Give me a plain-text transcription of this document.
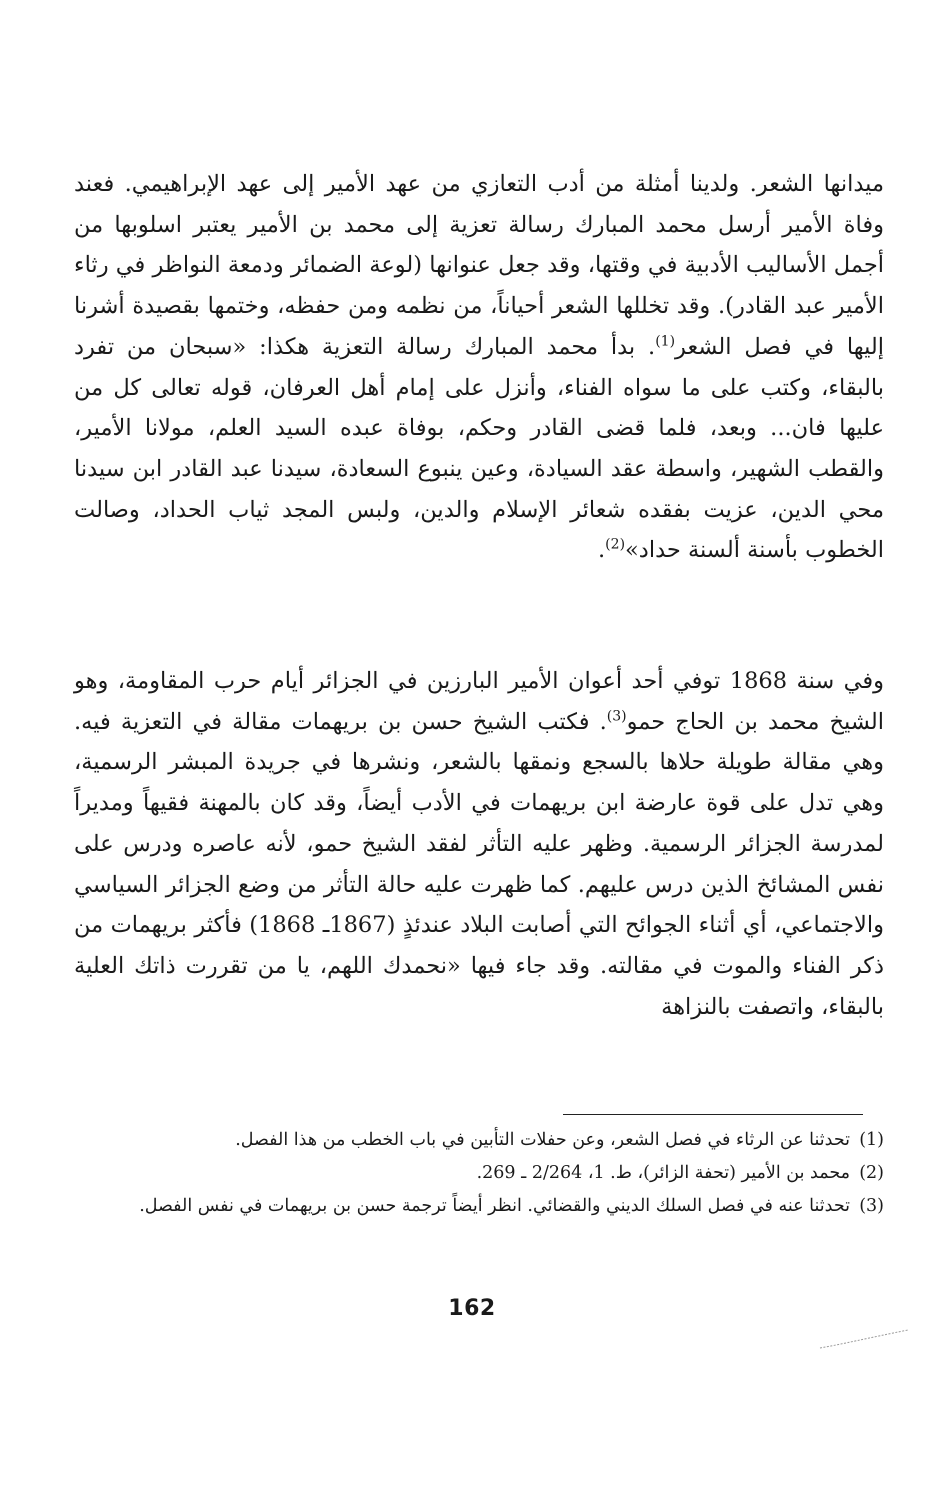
ميدانها الشعر. ولدينا أمثلة من أدب التعازي من عهد الأمير إلى عهد الإبراهيمي. فعند وفاة الأمير أرسل محمد المبارك رسالة تعزية إلى محمد بن الأمير يعتبر اسلوبها من أجمل الأساليب الأدبية في وقتها، وقد جعل عنوانها (لوعة الضمائر ودمعة النواظر في رثاء الأمير عبد القادر). وقد تخللها الشعر أحياناً، من نظمه ومن حفظه، وختمها بقصيدة أشرنا إليها في فصل الشعر$^{(1)}$. بدأ محمد المبارك رسالة التعزية هكذا: «سبحان من تفرد بالبقاء، وكتب على ما سواه الفناء، وأنزل على إمام أهل العرفان، قوله تعالى كل من عليها فان... وبعد، فلما قضى القادر وحكم، بوفاة عبده السيد العلم، مولانا الأمير، والقطب الشهير، واسطة عقد السيادة، وعين ينبوع السعادة، سيدنا عبد القادر ابن سيدنا محي الدين، عزيت بفقده شعائر الإسلام والدين، ولبس المجد ثياب الحداد، وصالت الخطوب بأسنة ألسنة حداد»$^{(2)}$.

وفي سنة 1868 توفي أحد أعوان الأمير البارزين في الجزائر أيام حرب المقاومة، وهو الشيخ محمد بن الحاج حمو$^{(3)}$. فكتب الشيخ حسن بن بريهمات مقالة في التعزية فيه. وهي مقالة طويلة حلاها بالسجع ونمقها بالشعر، ونشرها في جريدة المبشر الرسمية، وهي تدل على قوة عارضة ابن بريهمات في الأدب أيضاً، وقد كان بالمهنة فقيهاً ومديراً لمدرسة الجزائر الرسمية. وظهر عليه التأثر لفقد الشيخ حمو، لأنه عاصره ودرس على نفس المشائخ الذين درس عليهم. كما ظهرت عليه حالة التأثر من وضع الجزائر السياسي والاجتماعي، أي أثناء الجوائح التي أصابت البلاد عندئذٍ (1867ـ 1868) فأكثر بريهمات من ذكر الفناء والموت في مقالته. وقد جاء فيها «نحمدك اللهم، يا من تقررت ذاتك العلية بالبقاء، واتصفت بالنزاهة

(1)
تحدثنا عن الرثاء في فصل الشعر، وعن حفلات التأبين في باب الخطب من هذا الفصل.
(2)
محمد بن الأمير (تحفة الزائر)، ط. 1، 2/264 ـ 269.
(3)
تحدثنا عنه في فصل السلك الديني والقضائي. انظر أيضاً ترجمة حسن بن بريهمات في نفس الفصل.
162
